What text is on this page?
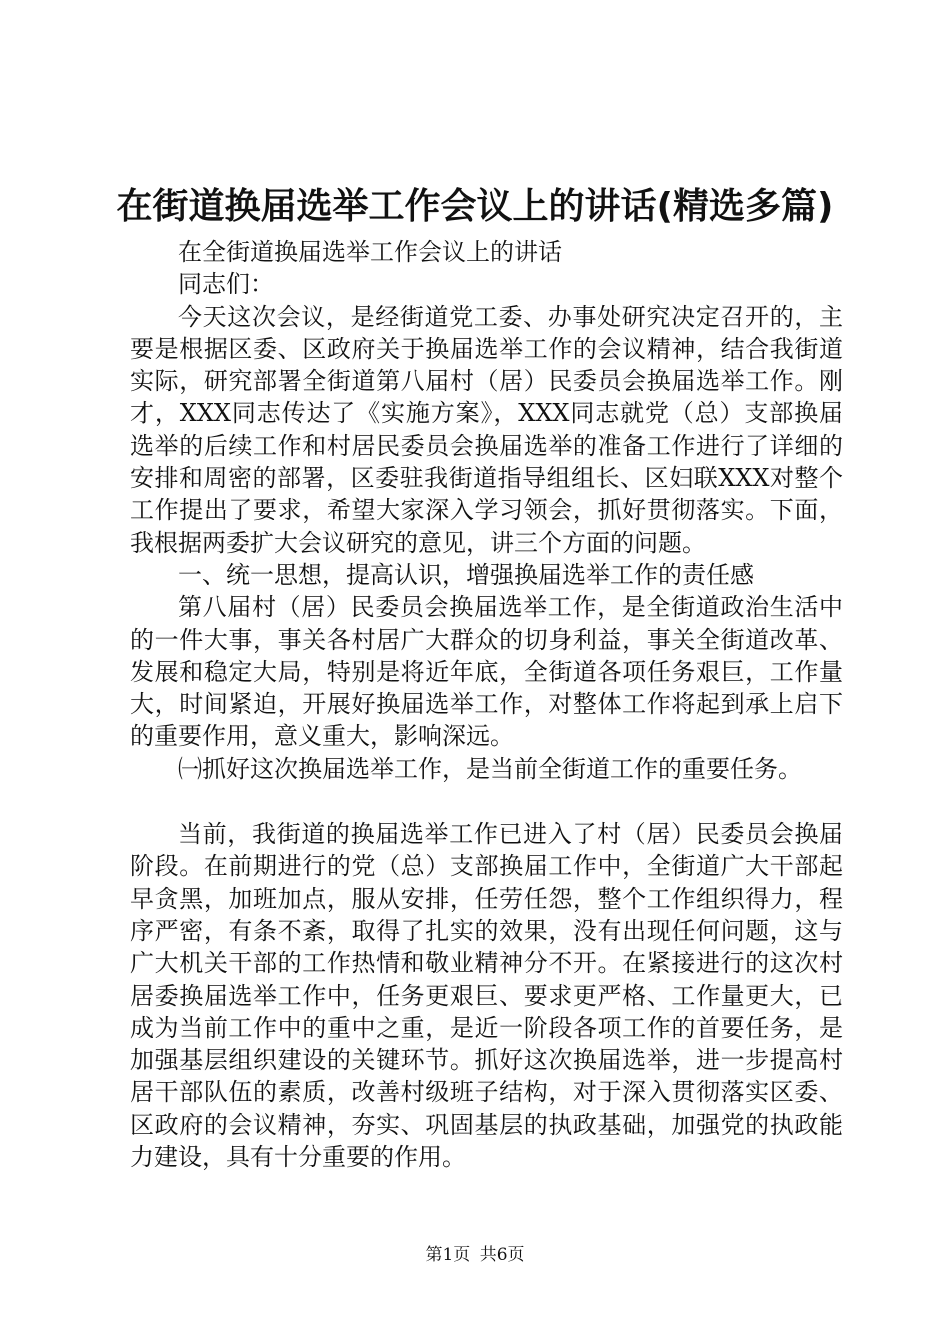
在街道换届选举工作会议上的讲话(精选多篇)

在全街道换届选举工作会议上的讲话

同志们：

今天这次会议，是经街道党工委、办事处研究决定召开的，主要是根据区委、区政府关于换届选举工作的会议精神，结合我街道实际，研究部署全街道第八届村（居）民委员会换届选举工作。刚才，XXX同志传达了《实施方案》，XXX同志就党（总）支部换届选举的后续工作和村居民委员会换届选举的准备工作进行了详细的安排和周密的部署，区委驻我街道指导组组长、区妇联XXX对整个工作提出了要求，希望大家深入学习领会，抓好贯彻落实。下面，我根据两委扩大会议研究的意见，讲三个方面的问题。

一、统一思想，提高认识，增强换届选举工作的责任感

第八届村（居）民委员会换届选举工作，是全街道政治生活中的一件大事，事关各村居广大群众的切身利益，事关全街道改革、发展和稳定大局，特别是将近年底，全街道各项任务艰巨，工作量大，时间紧迫，开展好换届选举工作，对整体工作将起到承上启下的重要作用，意义重大，影响深远。

㈠抓好这次换届选举工作，是当前全街道工作的重要任务。

当前，我街道的换届选举工作已进入了村（居）民委员会换届阶段。在前期进行的党（总）支部换届工作中，全街道广大干部起早贪黑，加班加点，服从安排，任劳任怨，整个工作组织得力，程序严密，有条不紊，取得了扎实的效果，没有出现任何问题，这与广大机关干部的工作热情和敬业精神分不开。在紧接进行的这次村居委换届选举工作中，任务更艰巨、要求更严格、工作量更大，已成为当前工作中的重中之重，是近一阶段各项工作的首要任务，是加强基层组织建设的关键环节。抓好这次换届选举，进一步提高村居干部队伍的素质，改善村级班子结构，对于深入贯彻落实区委、区政府的会议精神，夯实、巩固基层的执政基础，加强党的执政能力建设，具有十分重要的作用。

第1页 共6页
